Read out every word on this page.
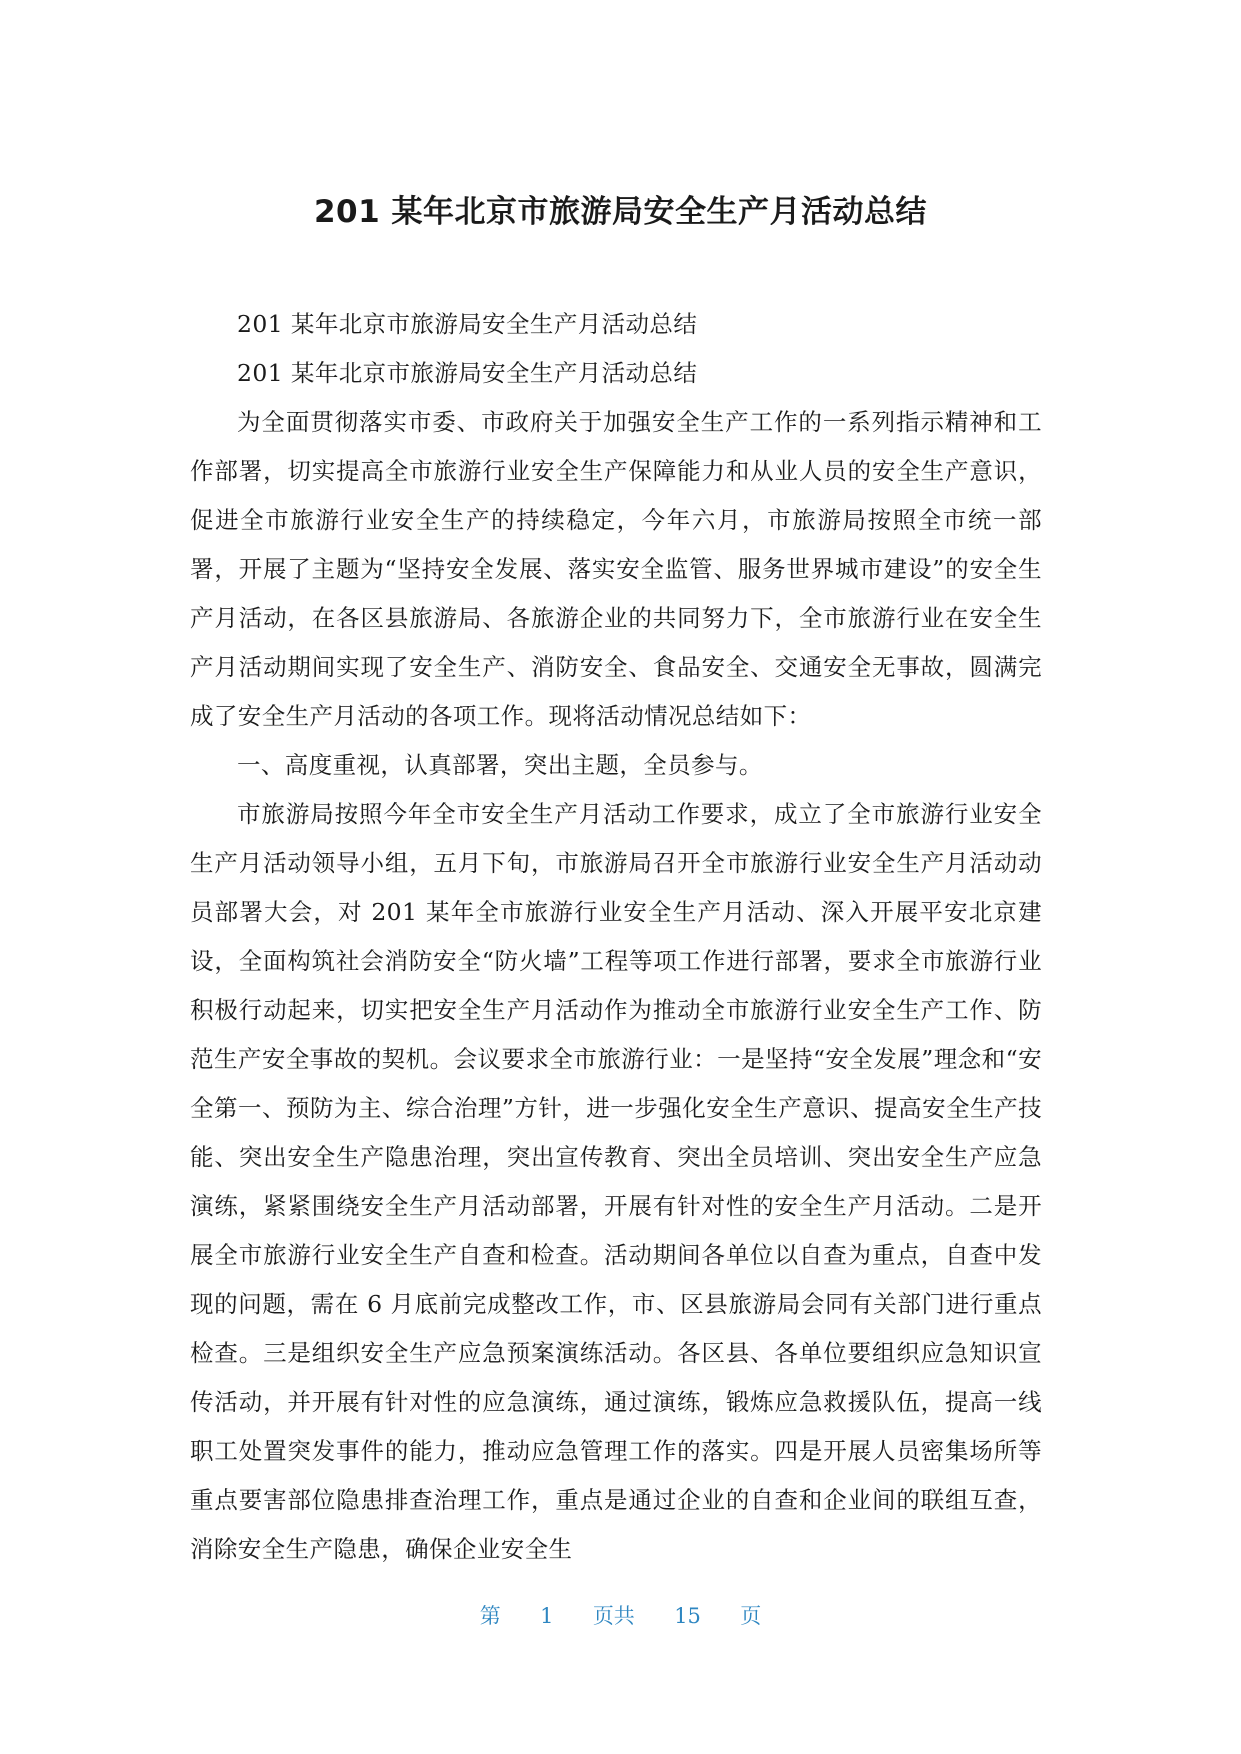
201 某年北京市旅游局安全生产月活动总结

201 某年北京市旅游局安全生产月活动总结

201 某年北京市旅游局安全生产月活动总结

为全面贯彻落实市委、市政府关于加强安全生产工作的一系列指示精神和工作部署，切实提高全市旅游行业安全生产保障能力和从业人员的安全生产意识，促进全市旅游行业安全生产的持续稳定，今年六月，市旅游局按照全市统一部署，开展了主题为“坚持安全发展、落实安全监管、服务世界城市建设”的安全生产月活动，在各区县旅游局、各旅游企业的共同努力下，全市旅游行业在安全生产月活动期间实现了安全生产、消防安全、食品安全、交通安全无事故，圆满完成了安全生产月活动的各项工作。现将活动情况总结如下：

一、高度重视，认真部署，突出主题，全员参与。

市旅游局按照今年全市安全生产月活动工作要求，成立了全市旅游行业安全生产月活动领导小组，五月下旬，市旅游局召开全市旅游行业安全生产月活动动员部署大会，对 201 某年全市旅游行业安全生产月活动、深入开展平安北京建设，全面构筑社会消防安全“防火墙”工程等项工作进行部署，要求全市旅游行业积极行动起来，切实把安全生产月活动作为推动全市旅游行业安全生产工作、防范生产安全事故的契机。会议要求全市旅游行业：一是坚持“安全发展”理念和“安全第一、预防为主、综合治理”方针，进一步强化安全生产意识、提高安全生产技能、突出安全生产隐患治理，突出宣传教育、突出全员培训、突出安全生产应急演练，紧紧围绕安全生产月活动部署，开展有针对性的安全生产月活动。二是开展全市旅游行业安全生产自查和检查。活动期间各单位以自查为重点，自查中发现的问题，需在 6 月底前完成整改工作，市、区县旅游局会同有关部门进行重点检查。三是组织安全生产应急预案演练活动。各区县、各单位要组织应急知识宣传活动，并开展有针对性的应急演练，通过演练，锻炼应急救援队伍，提高一线职工处置突发事件的能力，推动应急管理工作的落实。四是开展人员密集场所等重点要害部位隐患排查治理工作，重点是通过企业的自查和企业间的联组互查，消除安全生产隐患，确保企业安全生

第 1 页共 15 页
